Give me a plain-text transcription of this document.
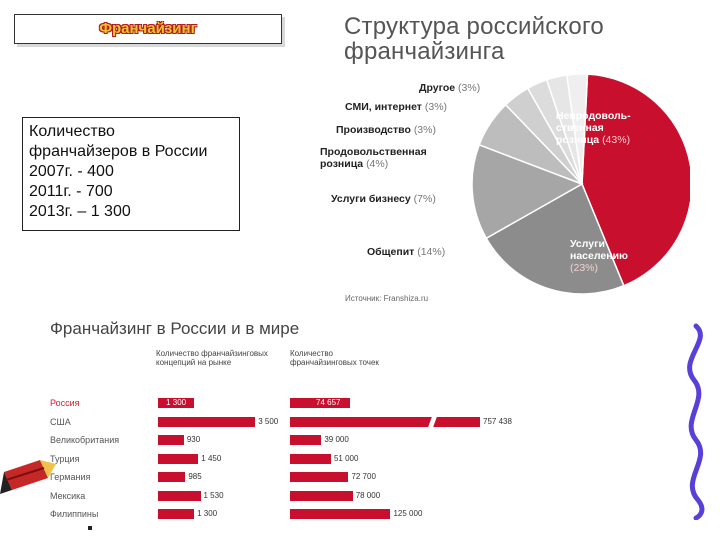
Франчайзинг
Количество
франчайзеров в России
2007г. - 400
2011г. - 700
2013г. – 1 300
Структура российского
франчайзинга
Другое (3%)
СМИ, интернет (3%)
Производство (3%)
Продовольственная
розница (4%)
Услуги бизнесу (7%)
Общепит (14%)
Непродоволь-
ственная
розница (43%)
Услуги
населению
(23%)
Источник: Franshiza.ru
Франчайзинг в России и в мире
Количество франчайзинговых
концепций на рынке
Количество
франчайзинговых точек
Россия	1 300	74 657
США	3 500	757 438
Великобритания	930	39 000
Турция	1 450	51 000
Германия	985	72 700
Мексика	1 530	78 000
Филиппины	1 300	125 000
